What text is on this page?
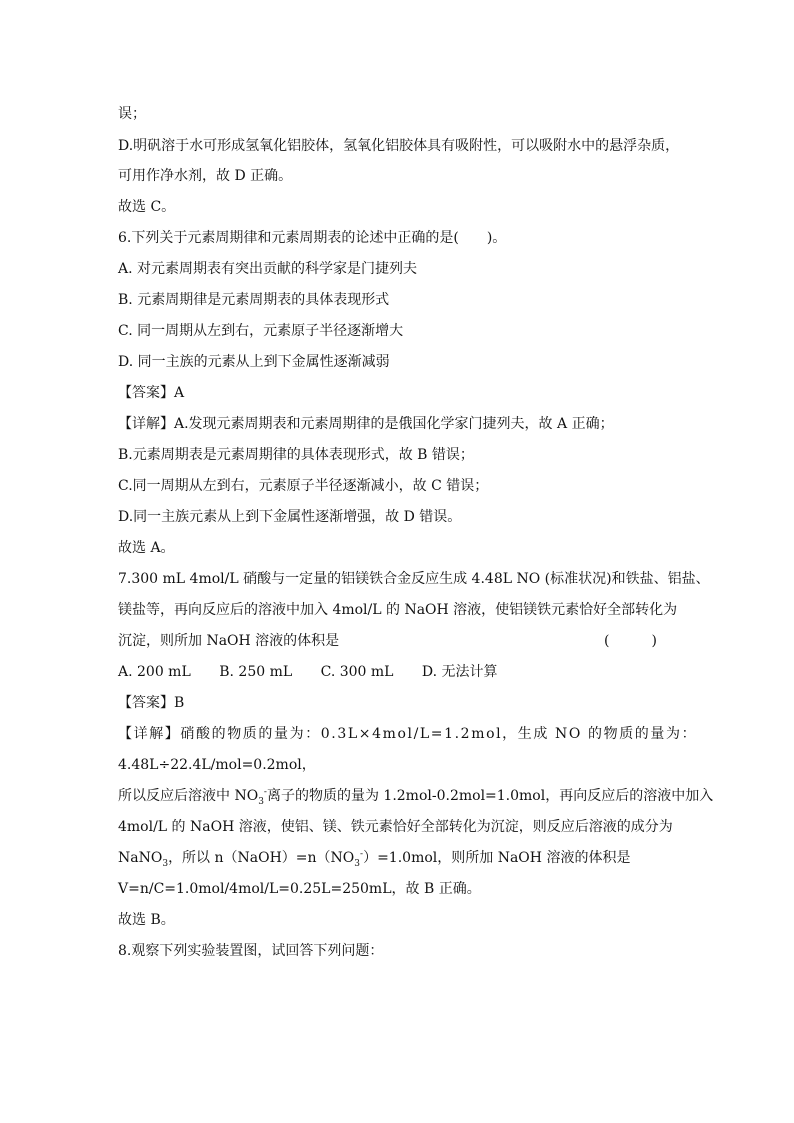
误；
D.明矾溶于水可形成氢氧化铝胶体，氢氧化铝胶体具有吸附性，可以吸附水中的悬浮杂质，
可用作净水剂，故 D 正确。
故选 C。
6.下列关于元素周期律和元素周期表的论述中正确的是(　　)。
A. 对元素周期表有突出贡献的科学家是门捷列夫
B. 元素周期律是元素周期表的具体表现形式
C. 同一周期从左到右，元素原子半径逐渐增大
D. 同一主族的元素从上到下金属性逐渐减弱
【答案】A
【详解】A.发现元素周期表和元素周期律的是俄国化学家门捷列夫，故 A 正确；
B.元素周期表是元素周期律的具体表现形式，故 B 错误；
C.同一周期从左到右，元素原子半径逐渐减小，故 C 错误；
D.同一主族元素从上到下金属性逐渐增强，故 D 错误。
故选 A。
7.300 mL 4mol/L 硝酸与一定量的铝镁铁合金反应生成 4.48L NO (标准状况)和铁盐、铝盐、
镁盐等，再向反应后的溶液中加入 4mol/L 的 NaOH 溶液，使铝镁铁元素恰好全部转化为
沉淀，则所加 NaOH 溶液的体积是	(　　　)
A. 200 mL B. 250 mL C. 300 mL D. 无法计算
【答案】B
【详解】硝酸的物质的量为：0.3L×4mol/L=1.2mol，生成 NO 的物质的量为：
4.48L÷22.4L/mol=0.2mol，
所以反应后溶液中 $NO_3^-$离子的物质的量为 1.2mol-0.2mol=1.0mol，再向反应后的溶液中加入
4mol/L 的 NaOH 溶液，使铝、镁、铁元素恰好全部转化为沉淀，则反应后溶液的成分为
NaNO$_3$，所以 $n(NaOH)=n(NO_3^-)=1.0mol$，则所加 NaOH 溶液的体积是
V=n/C=1.0mol/4mol/L=0.25L=250mL，故 B 正确。
故选 B。
8.观察下列实验装置图，试回答下列问题：
